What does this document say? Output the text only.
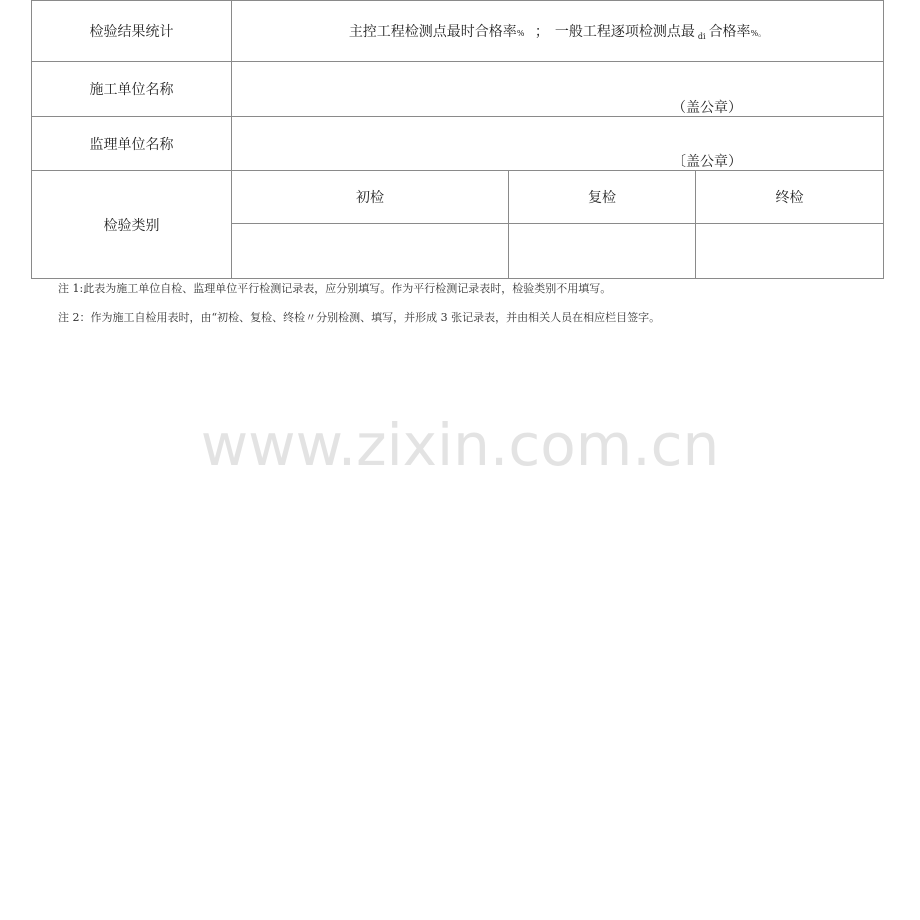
检验结果统计	主控工程检测点最时合格率% ； 一般工程逐项检测点最 $_{di}$ 合格率%。		
施工单位名称	（盖公章）		

监理单位名称	〔盖公章）		

检验类别	初检	复检	终检

注 1:此表为施工单位自检、监理单位平行检测记录表，应分别填写。作为平行检测记录表时，检验类别不用填写。
注 2：作为施工自检用表时，由“初检、复检、终检〃分别检测、填写，并形成 3 张记录表，并由相关人员在相应栏目签字。
www.zixin.com.cn
